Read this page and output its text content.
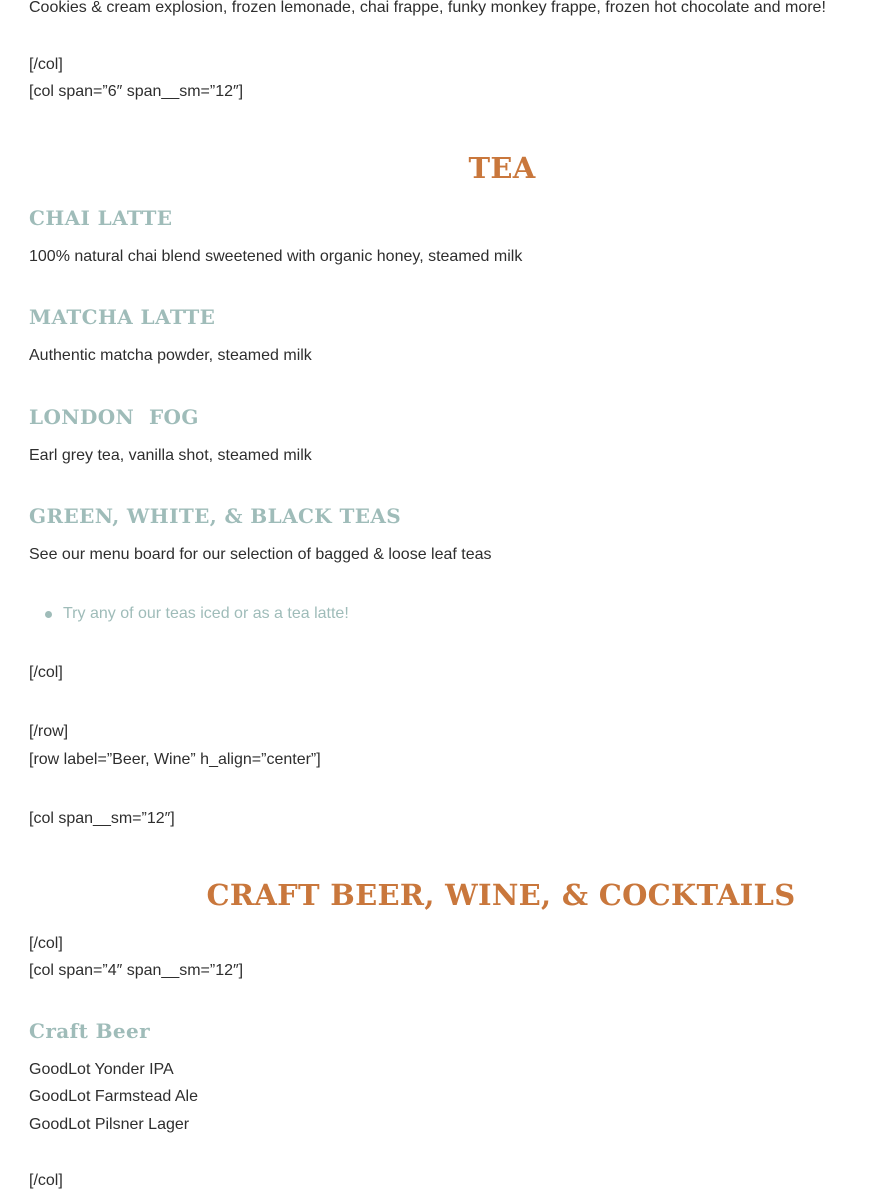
Cookies & cream explosion, frozen lemonade, chai frappe, funky monkey frappe, frozen hot chocolate and more!
[/col]
[col span=”6″ span__sm=”12″]
TEA
CHAI LATTE
100% natural chai blend sweetened with organic honey, steamed milk
MATCHA LATTE
Authentic matcha powder, steamed milk
LONDON  FOG
Earl grey tea, vanilla shot, steamed milk
GREEN, WHITE, & BLACK TEAS
See our menu board for our selection of bagged & loose leaf teas
Try any of our teas iced or as a tea latte!
[/col]
[/row]
[row label=”Beer, Wine” h_align=”center”]
[col span__sm=”12″]
CRAFT BEER, WINE, & COCKTAILS
[/col]
[col span=”4″ span__sm=”12″]
Craft Beer
GoodLot Yonder IPA
GoodLot Farmstead Ale
GoodLot Pilsner Lager
[/col]
